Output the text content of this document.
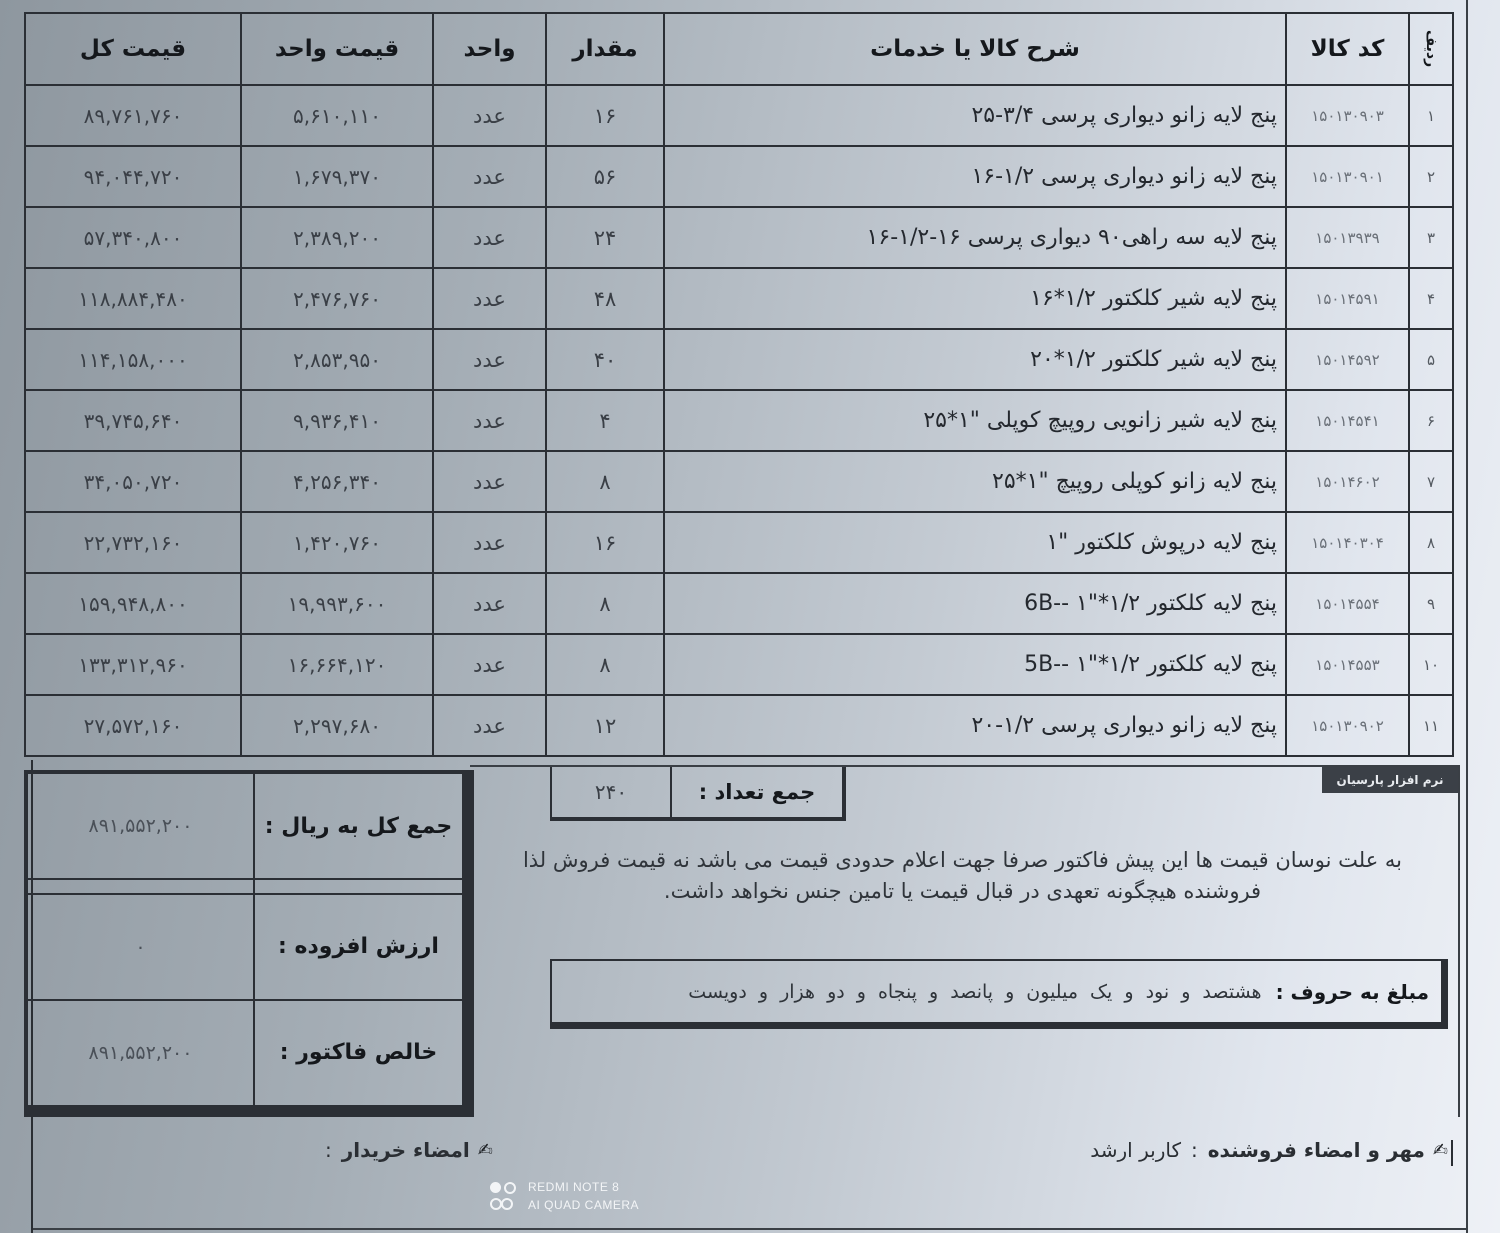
ردیف	کد کالا	شرح کالا یا خدمات	مقدار	واحد	قیمت واحد	قیمت کل
۱	۱۵۰۱۳۰۹۰۳	پنج لایه زانو دیواری پرسی ۳/۴-۲۵	۱۶	عدد	۵,۶۱۰,۱۱۰	۸۹,۷۶۱,۷۶۰
۲	۱۵۰۱۳۰۹۰۱	پنج لایه زانو دیواری پرسی ۱/۲-۱۶	۵۶	عدد	۱,۶۷۹,۳۷۰	۹۴,۰۴۴,۷۲۰
۳	۱۵۰۱۳۹۳۹	پنج لایه سه راهی۹۰ دیواری پرسی ۱۶-۱/۲-۱۶	۲۴	عدد	۲,۳۸۹,۲۰۰	۵۷,۳۴۰,۸۰۰
۴	۱۵۰۱۴۵۹۱	پنج لایه شیر کلکتور ۱/۲*۱۶	۴۸	عدد	۲,۴۷۶,۷۶۰	۱۱۸,۸۸۴,۴۸۰
۵	۱۵۰۱۴۵۹۲	پنج لایه شیر کلکتور ۱/۲*۲۰	۴۰	عدد	۲,۸۵۳,۹۵۰	۱۱۴,۱۵۸,۰۰۰
۶	۱۵۰۱۴۵۴۱	پنج لایه شیر زانویی روپیچ کوپلی "۱*۲۵	۴	عدد	۹,۹۳۶,۴۱۰	۳۹,۷۴۵,۶۴۰
۷	۱۵۰۱۴۶۰۲	پنج لایه زانو کوپلی روپیچ "۱*۲۵	۸	عدد	۴,۲۵۶,۳۴۰	۳۴,۰۵۰,۷۲۰
۸	۱۵۰۱۴۰۳۰۴	پنج لایه درپوش کلکتور "۱	۱۶	عدد	۱,۴۲۰,۷۶۰	۲۲,۷۳۲,۱۶۰
۹	۱۵۰۱۴۵۵۴	پنج لایه کلکتور ۱/۲*"۱ --6B	۸	عدد	۱۹,۹۹۳,۶۰۰	۱۵۹,۹۴۸,۸۰۰
۱۰	۱۵۰۱۴۵۵۳	پنج لایه کلکتور ۱/۲*"۱ --5B	۸	عدد	۱۶,۶۶۴,۱۲۰	۱۳۳,۳۱۲,۹۶۰
۱۱	۱۵۰۱۳۰۹۰۲	پنج لایه زانو دیواری پرسی ۱/۲-۲۰	۱۲	عدد	۲,۲۹۷,۶۸۰	۲۷,۵۷۲,۱۶۰
جمع کل به ریال :	۸۹۱,۵۵۲,۲۰۰

ارزش افزوده :	۰
خالص فاکتور :	۸۹۱,۵۵۲,۲۰۰
نرم افزار پارسیان
جمع تعداد :
۲۴۰
به علت نوسان قیمت ها این پیش فاکتور صرفا جهت اعلام حدودی قیمت می باشد نه قیمت فروش لذا فروشنده هیچگونه تعهدی در قبال قیمت یا تامین جنس نخواهد داشت.
مبلغ به حروف :
هشتصد و نود و یک میلیون و پانصد و پنجاه و دو هزار و دویست
✍
مهر و امضاء فروشنده
:
کاربر ارشد
✍
امضاء خریدار
:
REDMI NOTE 8
AI QUAD CAMERA
